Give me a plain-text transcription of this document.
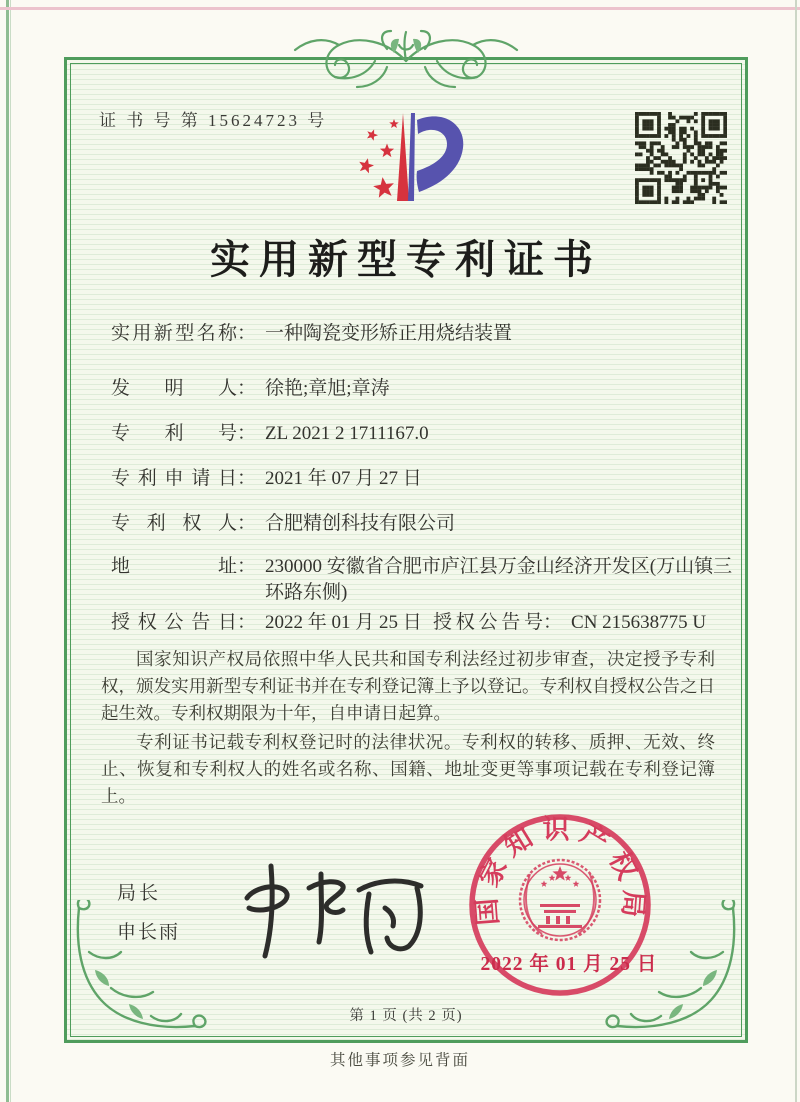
证 书 号 第 15624723 号
实用新型专利证书
实用新型名称 ： 一种陶瓷变形矫正用烧结装置
发明人 ： 徐艳;章旭;章涛
专利号 ： ZL 2021 2 1711167.0
专利申请日 ： 2021 年 07 月 27 日
专利权人 ： 合肥精创科技有限公司
地址 ： 230000 安徽省合肥市庐江县万金山经济开发区(万山镇三环路东侧)
授权公告日 ： 2022 年 01 月 25 日 授权公告号 ： CN 215638775 U

国家知识产权局依照中华人民共和国专利法经过初步审查，决定授予专利权，颁发实用新型专利证书并在专利登记簿上予以登记。专利权自授权公告之日起生效。专利权期限为十年，自申请日起算。

专利证书记载专利权登记时的法律状况。专利权的转移、质押、无效、终止、恢复和专利权人的姓名或名称、国籍、地址变更等事项记载在专利登记簿上。

局长
申长雨
国家知识产权局
2022 年 01 月 25 日
第 1 页 (共 2 页)
其他事项参见背面
